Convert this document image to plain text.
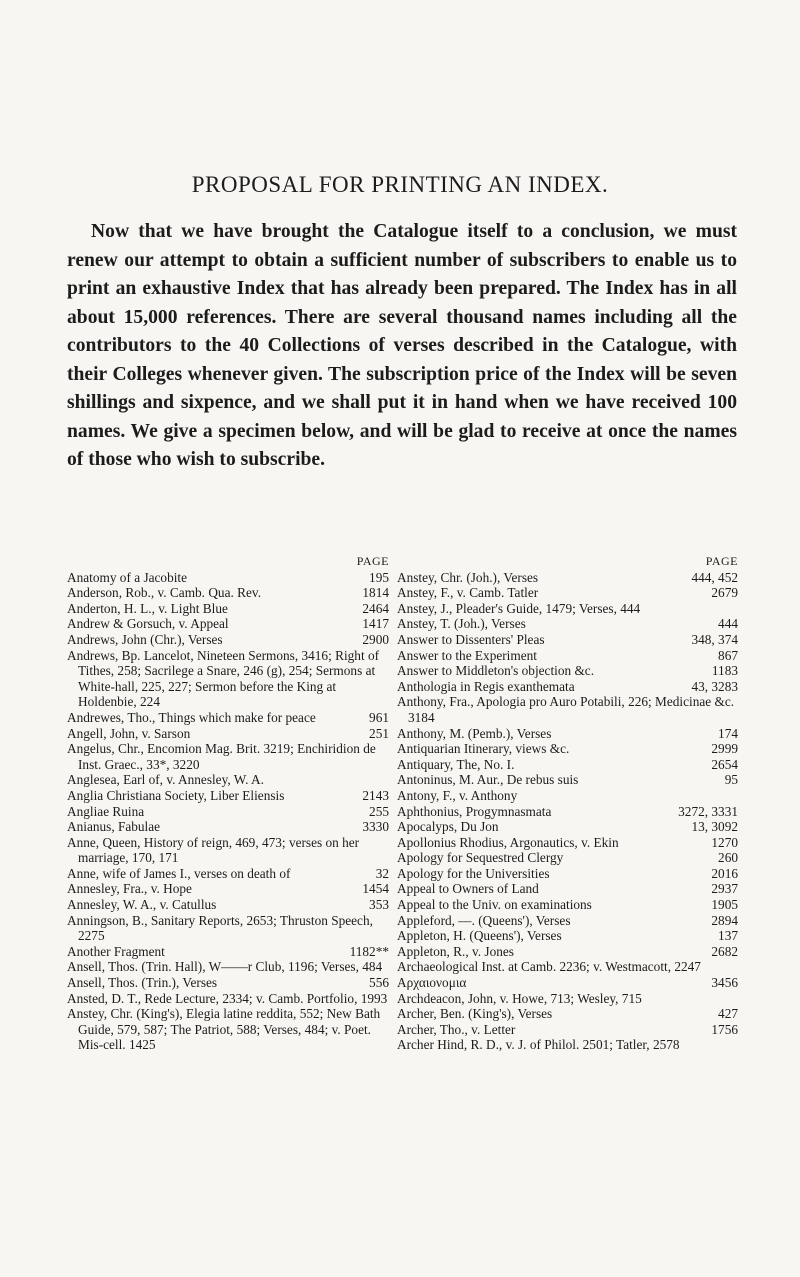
PROPOSAL FOR PRINTING AN INDEX.

Now that we have brought the Catalogue itself to a conclusion, we must renew our attempt to obtain a sufficient number of subscribers to enable us to print an exhaustive Index that has already been prepared. The Index has in all about 15,000 references. There are several thousand names including all the contributors to the 40 Collections of verses described in the Catalogue, with their Colleges whenever given. The subscription price of the Index will be seven shillings and sixpence, and we shall put it in hand when we have received 100 names. We give a specimen below, and will be glad to receive at once the names of those who wish to subscribe.

PAGE
Anatomy of a Jacobite	195
Anderson, Rob., v. Camb. Qua. Rev.	1814
Anderton, H. L., v. Light Blue	2464
Andrew & Gorsuch, v. Appeal	1417
Andrews, John (Chr.), Verses	2900
Andrews, Bp. Lancelot, Nineteen Sermons, 3416; Right of Tithes, 258; Sacrilege a Snare, 246 (g), 254; Sermons at White-hall, 225, 227; Sermon before the King at Holdenbie, 224
Andrewes, Tho., Things which make for peace	961
Angell, John, v. Sarson	251
Angelus, Chr., Encomion Mag. Brit. 3219; Enchiridion de Inst. Graec., 33*, 3220
Anglesea, Earl of, v. Annesley, W. A.
Anglia Christiana Society, Liber Eliensis	2143
Angliae Ruina	255
Anianus, Fabulae	3330
Anne, Queen, History of reign, 469, 473; verses on her marriage, 170, 171
Anne, wife of James I., verses on death of	32
Annesley, Fra., v. Hope	1454
Annesley, W. A., v. Catullus	353
Anningson, B., Sanitary Reports, 2653; Thruston Speech, 2275
Another Fragment	1182**
Ansell, Thos. (Trin. Hall), W——r Club, 1196; Verses, 484
Ansell, Thos. (Trin.), Verses	556
Ansted, D. T., Rede Lecture, 2334; v. Camb. Portfolio, 1993
Anstey, Chr. (King's), Elegia latine reddita, 552; New Bath Guide, 579, 587; The Patriot, 588; Verses, 484; v. Poet. Mis-cell. 1425
PAGE
Anstey, Chr. (Joh.), Verses	444, 452
Anstey, F., v. Camb. Tatler	2679
Anstey, J., Pleader's Guide, 1479; Verses, 444
Anstey, T. (Joh.), Verses	444
Answer to Dissenters' Pleas	348, 374
Answer to the Experiment	867
Answer to Middleton's objection &c.	1183
Anthologia in Regis exanthemata	43, 3283
Anthony, Fra., Apologia pro Auro Potabili, 226; Medicinae &c. 3184
Anthony, M. (Pemb.), Verses	174
Antiquarian Itinerary, views &c.	2999
Antiquary, The, No. I.	2654
Antoninus, M. Aur., De rebus suis	95
Antony, F., v. Anthony
Aphthonius, Progymnasmata	3272, 3331
Apocalyps, Du Jon	13, 3092
Apollonius Rhodius, Argonautics, v. Ekin	1270
Apology for Sequestred Clergy	260
Apology for the Universities	2016
Appeal to Owners of Land	2937
Appeal to the Univ. on examinations	1905
Appleford, —. (Queens'), Verses	2894
Appleton, H. (Queens'), Verses	137
Appleton, R., v. Jones	2682
Archaeological Inst. at Camb. 2236; v. Westmacott, 2247
Αρχαιονομια	3456
Archdeacon, John, v. Howe, 713; Wesley, 715
Archer, Ben. (King's), Verses	427
Archer, Tho., v. Letter	1756
Archer Hind, R. D., v. J. of Philol. 2501; Tatler, 2578
